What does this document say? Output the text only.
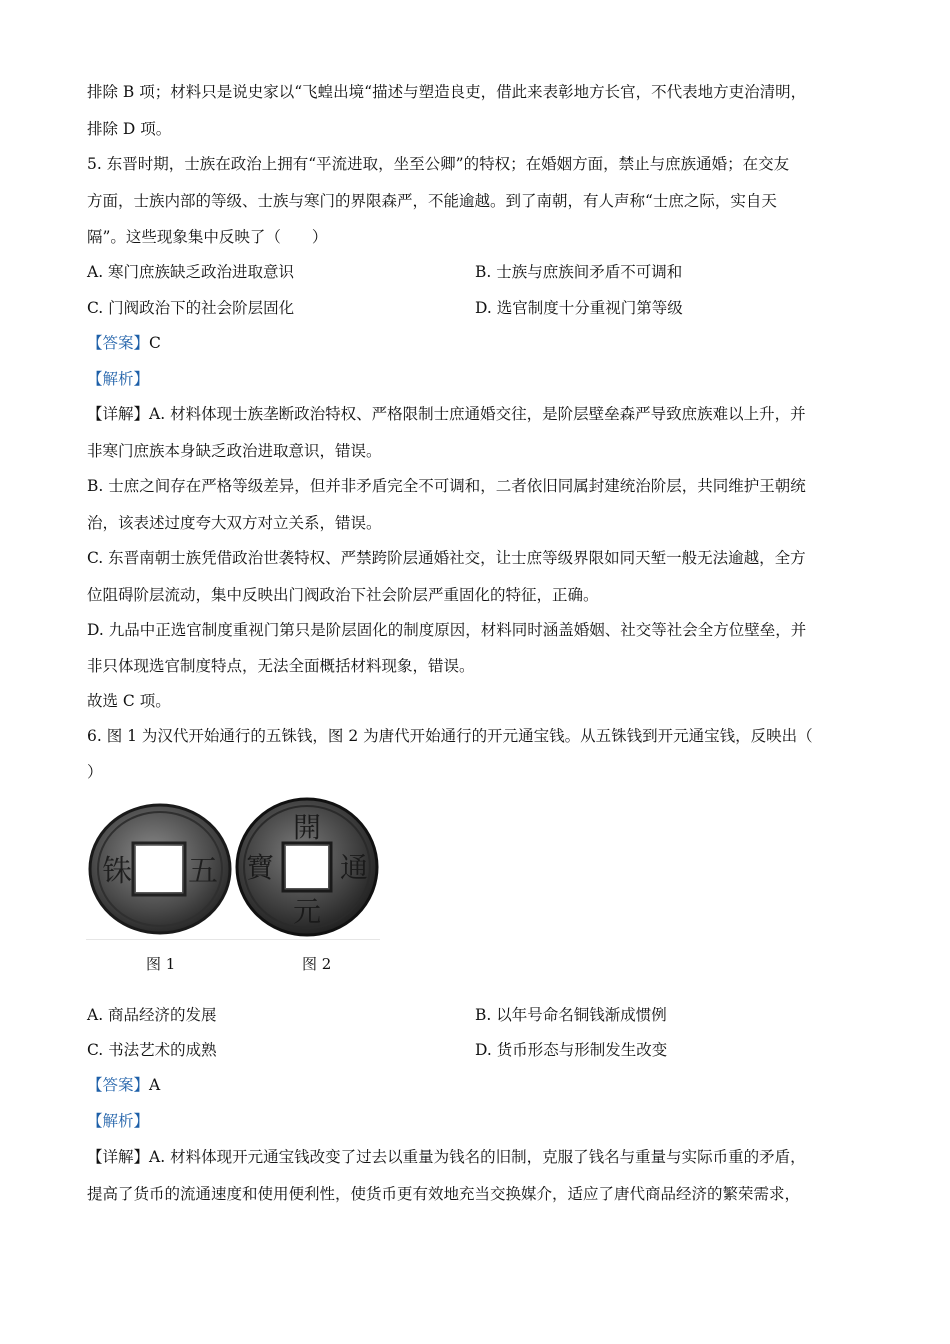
排除 B 项；材料只是说史家以“飞蝗出境“描述与塑造良吏，借此来表彰地方长官，不代表地方吏治清明，
排除 D 项。
5. 东晋时期，士族在政治上拥有“平流进取，坐至公卿”的特权；在婚姻方面，禁止与庶族通婚；在交友
方面，士族内部的等级、士族与寒门的界限森严，不能逾越。到了南朝，有人声称“士庶之际，实自天
隔”。这些现象集中反映了（　　）
A. 寒门庶族缺乏政治进取意识	B. 士族与庶族间矛盾不可调和
C. 门阀政治下的社会阶层固化	D. 选官制度十分重视门第等级
【答案】C
【解析】
【详解】A. 材料体现士族垄断政治特权、严格限制士庶通婚交往，是阶层壁垒森严导致庶族难以上升，并
非寒门庶族本身缺乏政治进取意识，错误。
B. 士庶之间存在严格等级差异，但并非矛盾完全不可调和，二者依旧同属封建统治阶层，共同维护王朝统
治，该表述过度夸大双方对立关系，错误。
C. 东晋南朝士族凭借政治世袭特权、严禁跨阶层通婚社交，让士庶等级界限如同天堑一般无法逾越，全方
位阻碍阶层流动，集中反映出门阀政治下社会阶层严重固化的特征，正确。
D. 九品中正选官制度重视门第只是阶层固化的制度原因，材料同时涵盖婚姻、社交等社会全方位壁垒，并
非只体现选官制度特点，无法全面概括材料现象，错误。
故选 C 项。
6. 图 1 为汉代开始通行的五铢钱，图 2 为唐代开始通行的开元通宝钱。从五铢钱到开元通宝钱，反映出（
）
铢 五
開
元
通
寶
图 1	图 2
A. 商品经济的发展	B. 以年号命名铜钱渐成惯例
C. 书法艺术的成熟	D. 货币形态与形制发生改变
【答案】A
【解析】
【详解】A. 材料体现开元通宝钱改变了过去以重量为钱名的旧制，克服了钱名与重量与实际币重的矛盾，
提高了货币的流通速度和使用便利性，使货币更有效地充当交换媒介，适应了唐代商品经济的繁荣需求，
